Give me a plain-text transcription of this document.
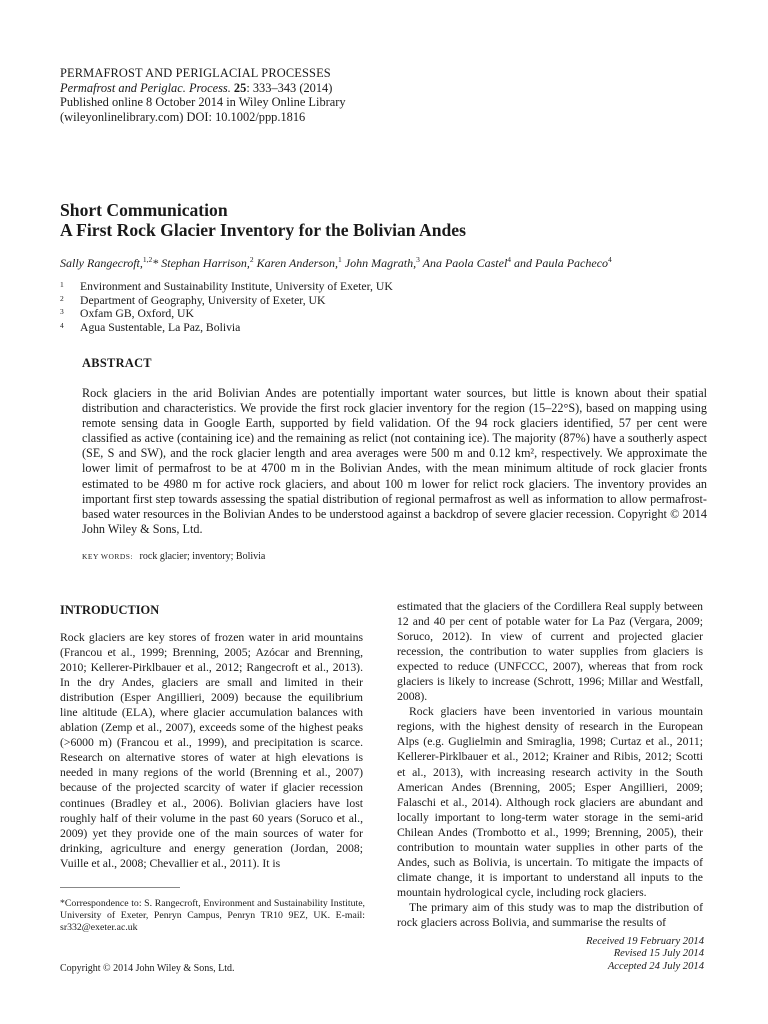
PERMAFROST AND PERIGLACIAL PROCESSES
Permafrost and Periglac. Process. 25: 333–343 (2014)
Published online 8 October 2014 in Wiley Online Library
(wileyonlinelibrary.com) DOI: 10.1002/ppp.1816
Short Communication
A First Rock Glacier Inventory for the Bolivian Andes
Sally Rangecroft,$^{1,2}$* Stephan Harrison,$^2$ Karen Anderson,$^1$ John Magrath,$^3$ Ana Paola Castel$^4$ and Paula Pacheco$^4$
1 Environment and Sustainability Institute, University of Exeter, UK
2 Department of Geography, University of Exeter, UK
3 Oxfam GB, Oxford, UK
4 Agua Sustentable, La Paz, Bolivia
ABSTRACT
Rock glaciers in the arid Bolivian Andes are potentially important water sources, but little is known about their spatial distribution and characteristics. We provide the first rock glacier inventory for the region (15–22°S), based on mapping using remote sensing data in Google Earth, supported by field validation. Of the 94 rock glaciers identified, 57 per cent were classified as active (containing ice) and the remaining as relict (not containing ice). The majority (87%) have a southerly aspect (SE, S and SW), and the rock glacier length and area averages were 500 m and 0.12 km², respectively. We approximate the lower limit of permafrost to be at 4700 m in the Bolivian Andes, with the mean minimum altitude of rock glacier fronts estimated to be 4980 m for active rock glaciers, and about 100 m lower for relict rock glaciers. The inventory provides an important first step towards assessing the spatial distribution of regional permafrost as well as information to allow permafrost-based water resources in the Bolivian Andes to be understood against a backdrop of severe glacier recession. Copyright © 2014 John Wiley & Sons, Ltd.
KEY WORDS: rock glacier; inventory; Bolivia
INTRODUCTION
Rock glaciers are key stores of frozen water in arid mountains (Francou et al., 1999; Brenning, 2005; Azócar and Brenning, 2010; Kellerer-Pirklbauer et al., 2012; Rangecroft et al., 2013). In the dry Andes, glaciers are small and limited in their distribution (Esper Angillieri, 2009) because the equilibrium line altitude (ELA), where glacier accumulation balances with ablation (Zemp et al., 2007), exceeds some of the highest peaks (>6000 m) (Francou et al., 1999), and precipitation is scarce. Research on alternative stores of water at high elevations is needed in many regions of the world (Brenning et al., 2007) because of the projected scarcity of water if glacier recession continues (Bradley et al., 2006). Bolivian glaciers have lost roughly half of their volume in the past 60 years (Soruco et al., 2009) yet they provide one of the main sources of water for drinking, agriculture and energy generation (Jordan, 2008; Vuille et al., 2008; Chevallier et al., 2011). It is
estimated that the glaciers of the Cordillera Real supply between 12 and 40 per cent of potable water for La Paz (Vergara, 2009; Soruco, 2012). In view of current and projected glacier recession, the contribution to water supplies from glaciers is expected to reduce (UNFCCC, 2007), whereas that from rock glaciers is likely to increase (Schrott, 1996; Millar and Westfall, 2008).
Rock glaciers have been inventoried in various mountain regions, with the highest density of research in the European Alps (e.g. Guglielmin and Smiraglia, 1998; Curtaz et al., 2011; Kellerer-Pirklbauer et al., 2012; Krainer and Ribis, 2012; Scotti et al., 2013), with increasing research activity in the South American Andes (Brenning, 2005; Esper Angillieri, 2009; Falaschi et al., 2014). Although rock glaciers are abundant and locally important to long-term water storage in the semi-arid Chilean Andes (Trombotto et al., 1999; Brenning, 2005), their contribution to mountain water supplies in other parts of the Andes, such as Bolivia, is uncertain. To mitigate the impacts of climate change, it is important to understand all inputs to the mountain hydrological cycle, including rock glaciers.
The primary aim of this study was to map the distribution of rock glaciers across Bolivia, and summarise the results of
*Correspondence to: S. Rangecroft, Environment and Sustainability Institute, University of Exeter, Penryn Campus, Penryn TR10 9EZ, UK. E-mail: sr332@exeter.ac.uk
Received 19 February 2014
Revised 15 July 2014
Accepted 24 July 2014
Copyright © 2014 John Wiley & Sons, Ltd.
